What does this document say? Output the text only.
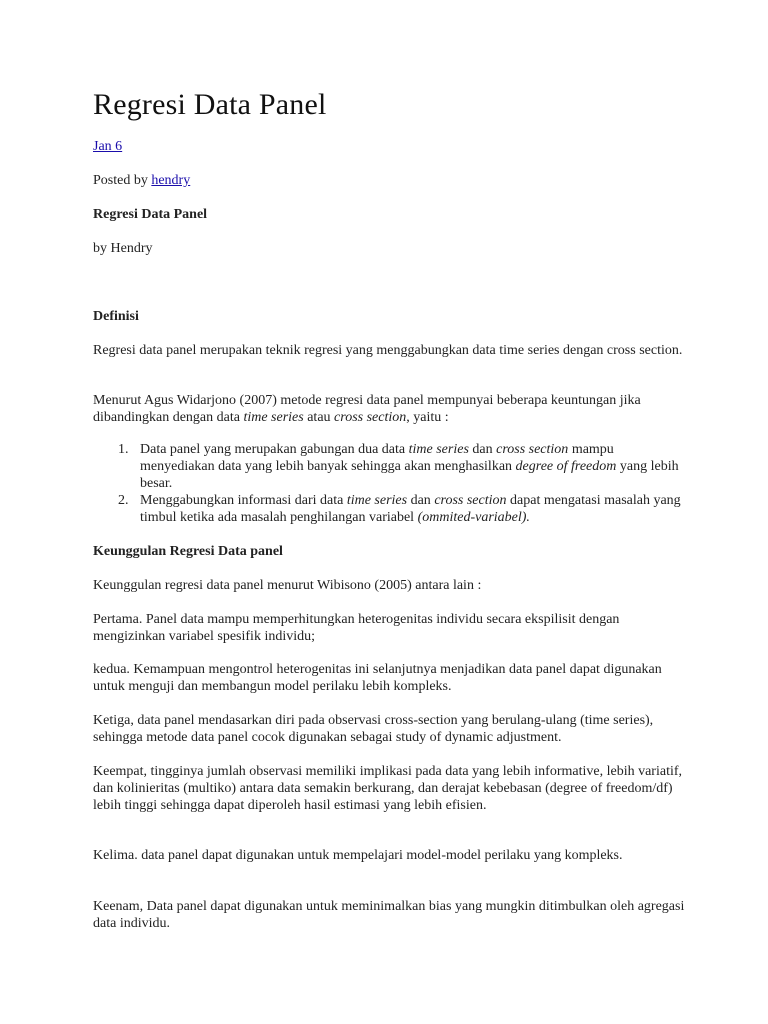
Regresi Data Panel

Jan 6

Posted by hendry

Regresi Data Panel

by Hendry

Definisi

Regresi data panel merupakan teknik regresi yang menggabungkan data time series dengan cross section.

Menurut Agus Widarjono (2007) metode regresi data panel mempunyai beberapa keuntungan jika dibandingkan dengan data time series atau cross section, yaitu :

1. Data panel yang merupakan gabungan dua data time series dan cross section mampu menyediakan data yang lebih banyak sehingga akan menghasilkan degree of freedom yang lebih besar.
2. Menggabungkan informasi dari data time series dan cross section dapat mengatasi masalah yang timbul ketika ada masalah penghilangan variabel (ommited-variabel).

Keunggulan Regresi Data panel

Keunggulan regresi data panel menurut Wibisono (2005) antara lain :

Pertama. Panel data mampu memperhitungkan heterogenitas individu secara ekspilisit dengan mengizinkan variabel spesifik individu;

kedua. Kemampuan mengontrol heterogenitas ini selanjutnya menjadikan data panel dapat digunakan untuk menguji dan membangun model perilaku lebih kompleks.

Ketiga, data panel mendasarkan diri pada observasi cross-section yang berulang-ulang (time series), sehingga metode data panel cocok digunakan sebagai study of dynamic adjustment.

Keempat, tingginya jumlah observasi memiliki implikasi pada data yang lebih informative, lebih variatif, dan kolinieritas (multiko) antara data semakin berkurang, dan derajat kebebasan (degree of freedom/df) lebih tinggi sehingga dapat diperoleh hasil estimasi yang lebih efisien.

Kelima. data panel dapat digunakan untuk mempelajari model-model perilaku yang kompleks.

Keenam, Data panel dapat digunakan untuk meminimalkan bias yang mungkin ditimbulkan oleh agregasi data individu.
